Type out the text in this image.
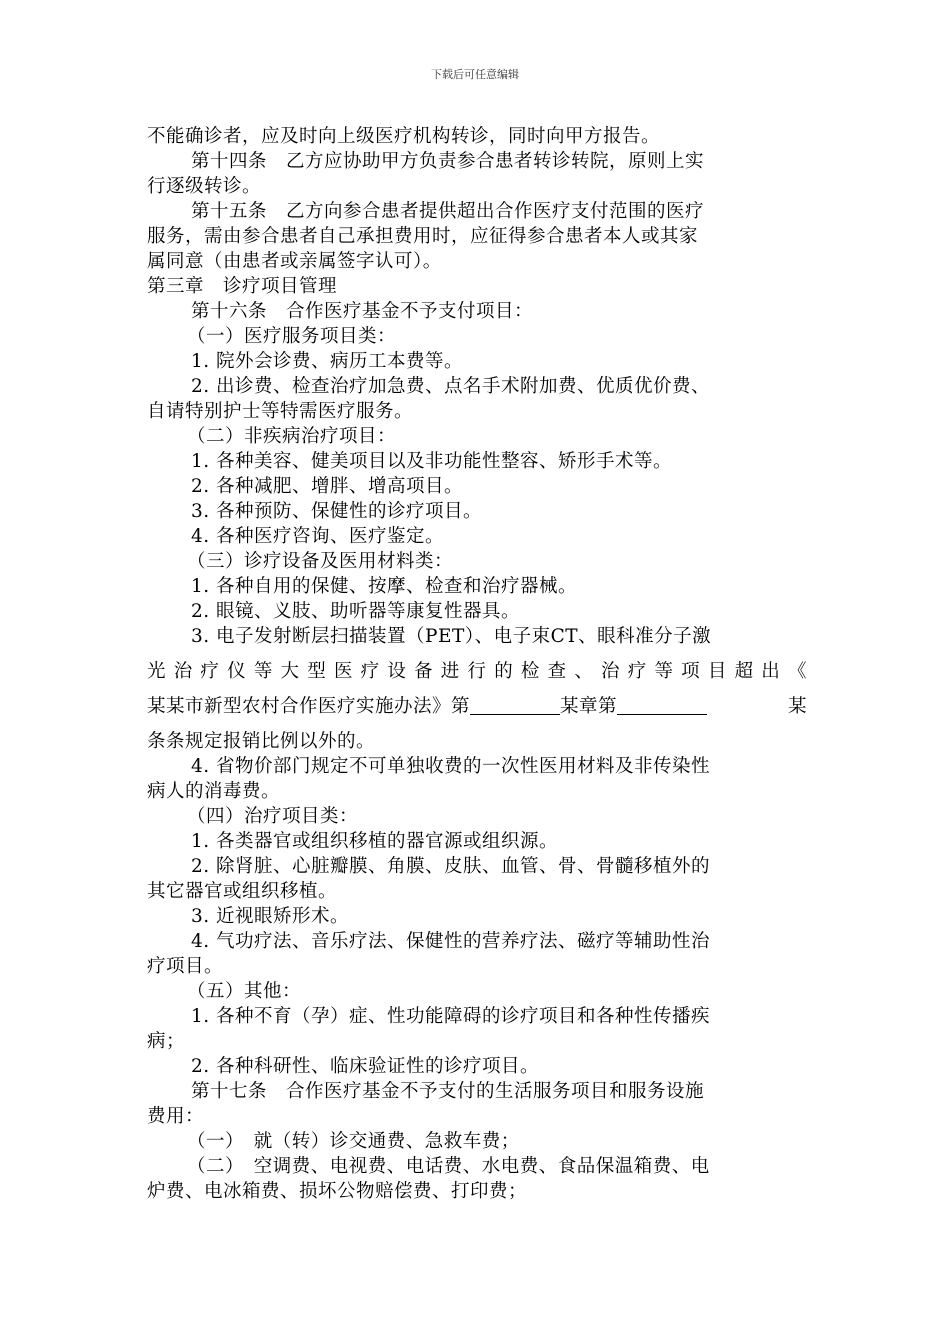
下载后可任意编辑

不能确诊者，应及时向上级医疗机构转诊，同时向甲方报告。

第十四条　乙方应协助甲方负责参合患者转诊转院，原则上实

行逐级转诊。

第十五条　乙方向参合患者提供超出合作医疗支付范围的医疗

服务，需由参合患者自己承担费用时，应征得参合患者本人或其家

属同意（由患者或亲属签字认可）。

第三章　诊疗项目管理

第十六条　合作医疗基金不予支付项目：

（一）医疗服务项目类：

1. 院外会诊费、病历工本费等。

2. 出诊费、检查治疗加急费、点名手术附加费、优质优价费、

自请特别护士等特需医疗服务。

（二）非疾病治疗项目：

1. 各种美容、健美项目以及非功能性整容、矫形手术等。

2. 各种减肥、增胖、增高项目。

3. 各种预防、保健性的诊疗项目。

4. 各种医疗咨询、医疗鉴定。

（三）诊疗设备及医用材料类：

1. 各种自用的保健、按摩、检查和治疗器械。

2. 眼镜、义肢、助听器等康复性器具。

3. 电子发射断层扫描装置（PET）、电子束CT、眼科准分子激

光治疗仪等大型医疗设备进行的检查、治疗等项目超出《

某某市新型农村合作医疗实施办法》第	某章第	某

条条规定报销比例以外的。

4. 省物价部门规定不可单独收费的一次性医用材料及非传染性

病人的消毒费。

（四）治疗项目类：

1. 各类器官或组织移植的器官源或组织源。

2. 除肾脏、心脏瓣膜、角膜、皮肤、血管、骨、骨髓移植外的

其它器官或组织移植。

3. 近视眼矫形术。

4. 气功疗法、音乐疗法、保健性的营养疗法、磁疗等辅助性治

疗项目。

（五）其他：

1. 各种不育（孕）症、性功能障碍的诊疗项目和各种性传播疾

病；

2. 各种科研性、临床验证性的诊疗项目。

第十七条　合作医疗基金不予支付的生活服务项目和服务设施

费用：

（一）　就（转）诊交通费、急救车费；

（二）　空调费、电视费、电话费、水电费、食品保温箱费、电

炉费、电冰箱费、损坏公物赔偿费、打印费；
